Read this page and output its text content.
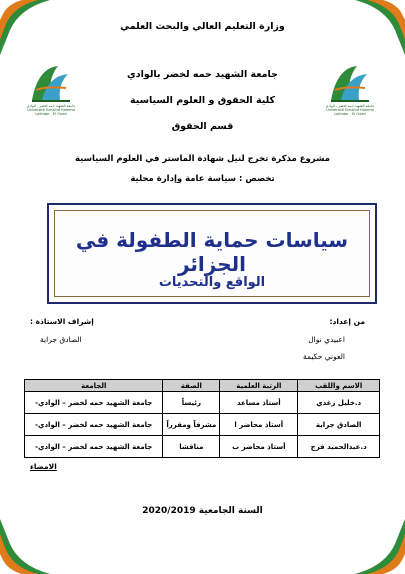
جامعة الشهيد حمه لخضر - الوادي
Université Echahid Hamma Lakhdar - El Oued
جامعة الشهيد حمه لخضر - الوادي
Université Echahid Hamma Lakhdar - El Oued
وزارة التعليم العالي والبحث العلمي
جامعة الشهيد حمه لخضر بالوادي
كلية الحقوق و العلوم السياسية
قسم الحقوق
مشروع مذكرة تخرج لنيل شهادة الماستر في العلوم السياسية
تخصص : سياسة عامة وإدارة محلية
سياسات حماية الطفولة في الجزائر
الواقع والتحديات
من إعداد:
اعبيدي نوال
العوني حكيمة
إشراف الاستاذة :
الصادق جراية
الاسم واللقب	الرتبة العلمية	الصفة	الجامعة
د.خليل زغدي	أستاذ مساعد	رئيساً	جامعة الشهيد حمه لخضر – الوادي-
الصادق جراية	أستاذ محاضر ا	مشرفاً ومقرراً	جامعة الشهيد حمه لخضر – الوادي-
د.عبدالحميد فرج	أستاذ محاضر ب	مناقشا	جامعة الشهيد حمه لخضر – الوادي-
الامضاء
السنة الجامعية 2020/2019
